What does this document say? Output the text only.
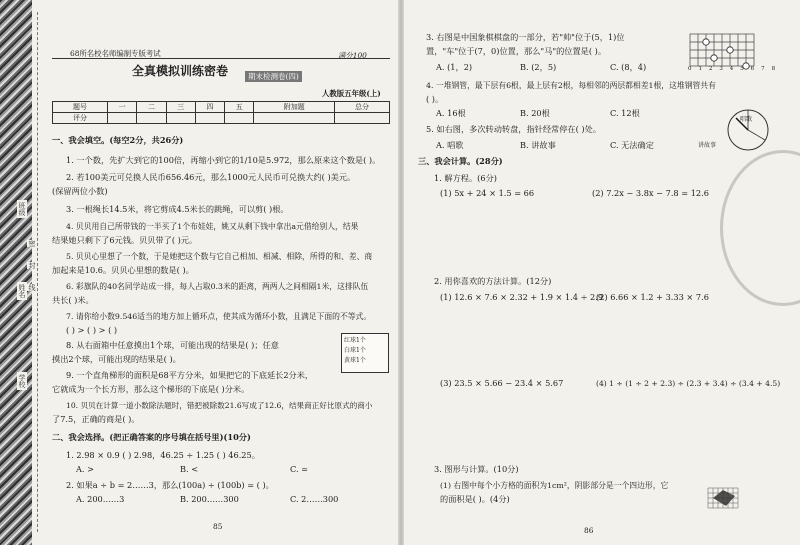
班级
姓名
学校
密
封
线
68所名校名师编制专版考试	满分100
全真模拟训练密卷	期末检测卷(四)
人教版五年级(上)
题号	一	二	三	四	五	附加题	总分
评分							
一、我会填空。(每空2分，共26分)
1. 一个数，先扩大到它的100倍，再缩小到它的1/10是5.972，那么原来这个数是( )。
2. 若100美元可兑换人民币656.46元，那么1000元人民币可兑换大约( )美元。
(保留两位小数)
3. 一根绳长14.5米，将它剪成4.5米长的跳绳，可以剪( )根。
4. 贝贝用自己所带钱的一半买了1个布娃娃，姚又从剩下钱中拿出a元借给别人，结果
结果她只剩下了6元钱。贝贝带了( )元。
5. 贝贝心里想了一个数，于是她把这个数与它自己相加、相减、相除，所得的和、差、商
加起来是10.6。贝贝心里想的数是( )。
6. 彩旗队的40名同学站成一排，每人占取0.3米的距离，两两人之间相隔1米，这排队伍
共长( )米。
7. 请你给小数9.546适当的地方加上循环点，使其成为循环小数，且满足下面的不等式。
( ) > ( ) > ( )
8. 从右面箱中任意摸出1个球，可能出现的结果是( )；任意
摸出2个球，可能出现的结果是( )。
红球1个
白球1个
黄球1个
9. 一个直角梯形的面积是68平方分米，如果把它的下底延长2分米，
它就成为一个长方形，那么这个梯形的下底是( )分米。
10. 贝贝在计算一道小数除法题时，错把被除数21.6写成了12.6，结果商正好比原式的商小
了7.5，正确的商是( )。
二、我会选择。(把正确答案的序号填在括号里)(10分)
1. 2.98 × 0.9 ( ) 2.98，46.25 ÷ 1.25 ( ) 46.25。
A. >	B. <	C. =
2. 如果a ÷ b = 2……3，那么(100a) ÷ (100b) = ( )。
A. 200……3	B. 200……300	C. 2……300
85
3. 右图是中国象棋棋盘的一部分，若"帅"位于(5，1)位
置，"车"位于(7，0)位置，那么"马"的位置是( )。
A. (1，2)	B. (2，5)	C. (8，4)	0 1 2 3 4 5 6 7 8
4. 一堆钢管，最下层有6根，最上层有2根，每相邻的两层都相差1根，这堆钢管共有
( )。
A. 16根	B. 20根	C. 12根
5. 如右图，多次转动转盘，指针经常停在( )处。
A. 唱歌	B. 讲故事	C. 无法确定
唱歌
讲故事
三、我会计算。(28分)
1. 解方程。(6分)
(1) 5x + 24 × 1.5 = 66	(2) 7.2x − 3.8x − 7.8 = 12.6
2. 用你喜欢的方法计算。(12分)
(1) 12.6 × 7.6 × 2.32 + 1.9 × 1.4 ÷ 2.9
(2) 6.66 × 1.2 + 3.33 × 7.6
(3) 23.5 × 5.66 − 23.4 × 5.67	(4) 1 ÷ (1 ÷ 2 + 2.3) ÷ (2.3 + 3.4) ÷ (3.4 + 4.5)
3. 图形与计算。(10分)
(1) 右图中每个小方格的面积为1cm²，阴影部分是一个四边形，它
的面积是( )。(4分)
86
